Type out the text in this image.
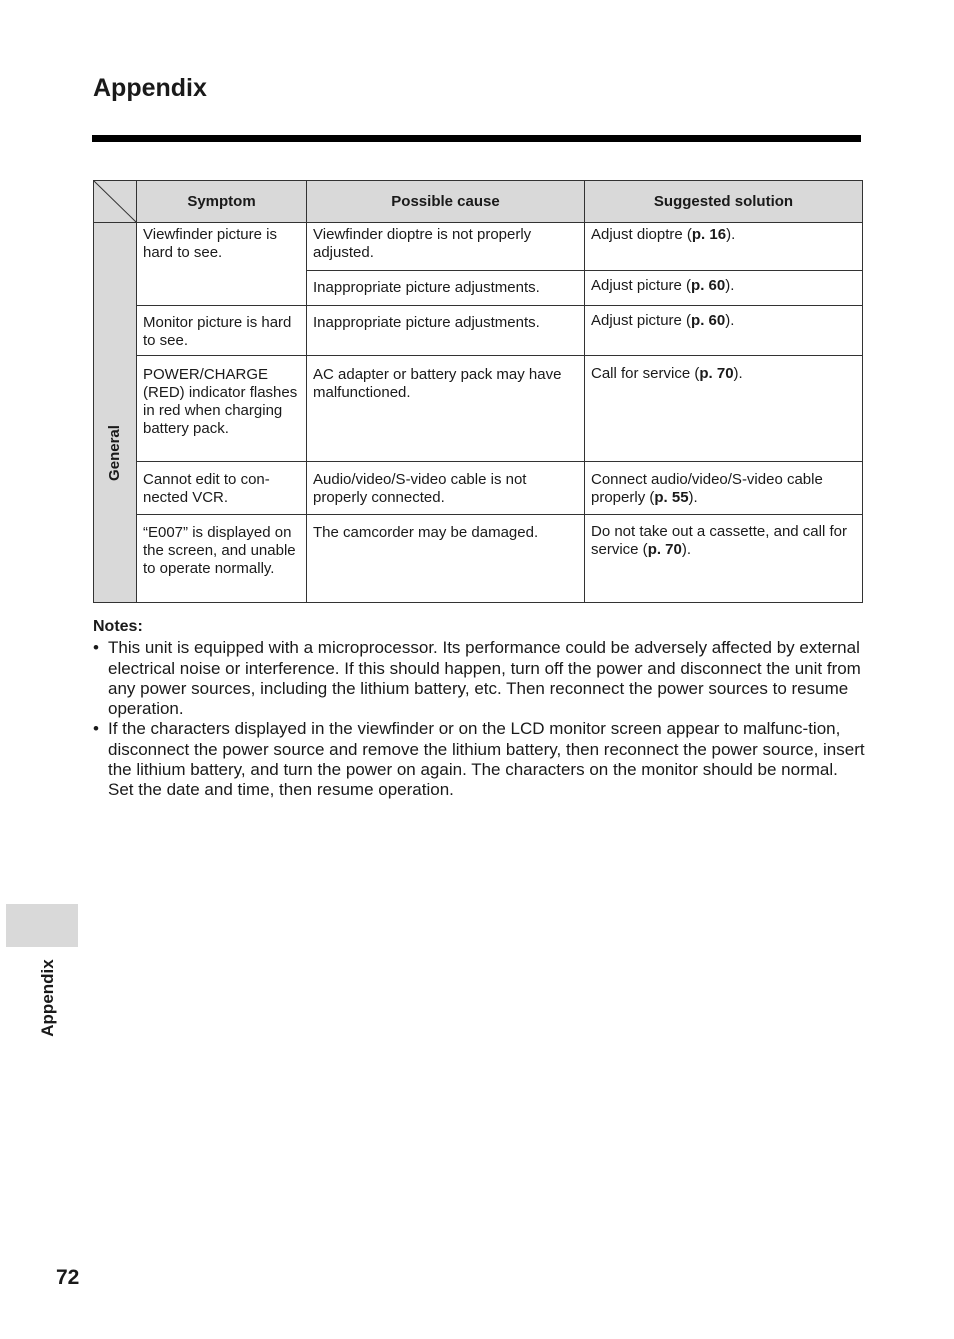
Appendix
	Symptom	Possible cause	Suggested solution

General	Viewfinder picture is hard to see.	Viewfinder dioptre is not properly adjusted.	Adjust dioptre (p. 16).

		Inappropriate picture adjustments.	Adjust picture (p. 60).

	Monitor picture is hard to see.	Inappropriate picture adjustments.	Adjust picture (p. 60).

	POWER/CHARGE (RED) indicator flashes in red when charging battery pack.	AC adapter or battery pack may have malfunctioned.	Call for service (p. 70).

	Cannot edit to con-nected VCR.	Audio/video/S-video cable is not properly connected.	Connect audio/video/S-video cable properly (p. 55).

	“E007” is displayed on the screen, and unable to operate normally.	The camcorder may be damaged.	Do not take out a cassette, and call for service (p. 70).
Notes:
• This unit is equipped with a microprocessor. Its performance could be adversely affected by external electrical noise or interference. If this should happen, turn off the power and disconnect the unit from any power sources, including the lithium battery, etc. Then reconnect the power sources to resume operation.
• If the characters displayed in the viewfinder or on the LCD monitor screen appear to malfunc-tion, disconnect the power source and remove the lithium battery, then reconnect the power source, insert the lithium battery, and turn the power on again. The characters on the monitor should be normal. Set the date and time, then resume operation.
Appendix
72
